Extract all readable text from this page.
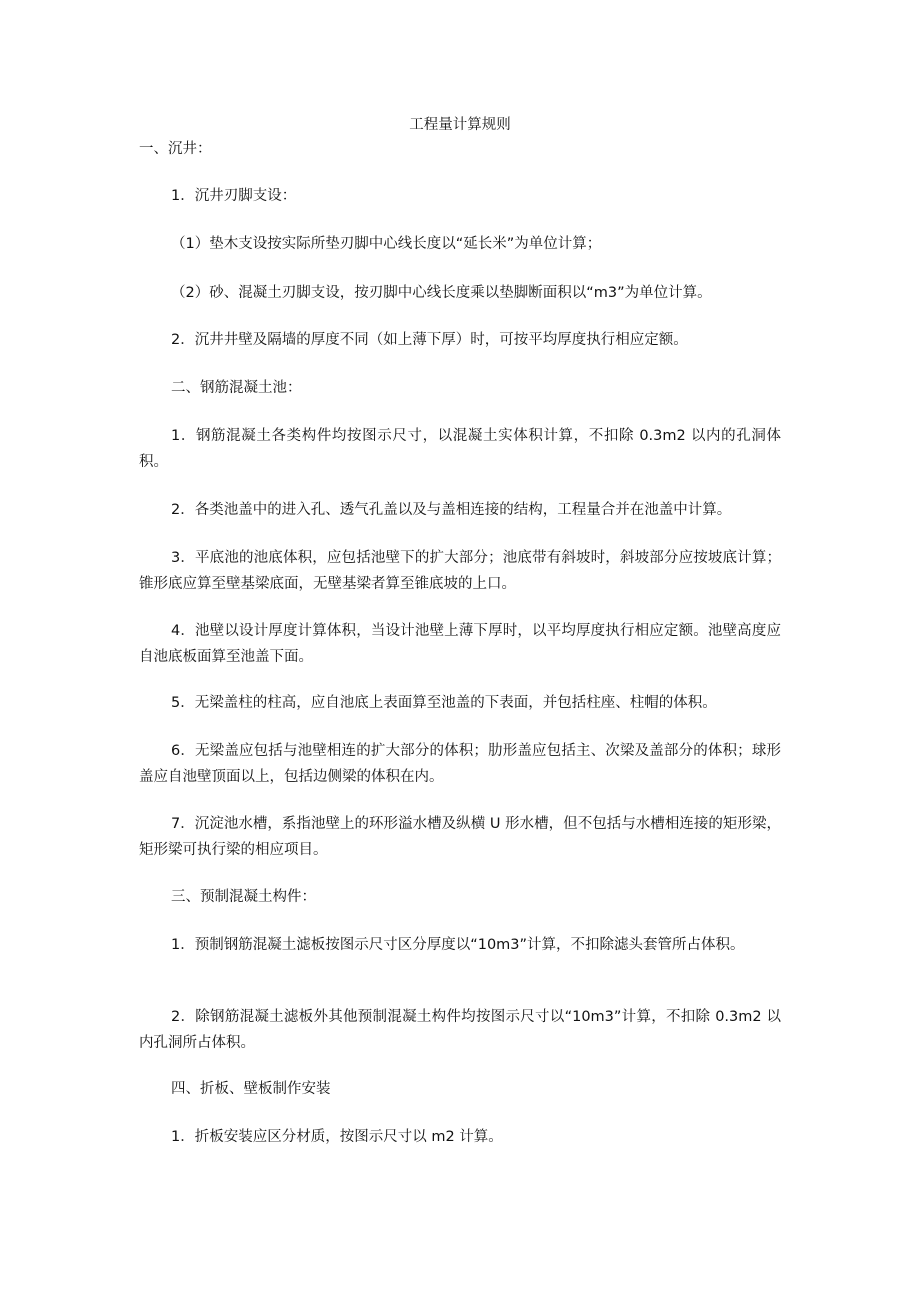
工程量计算规则

一、沉井：

1．沉井刃脚支设：

（1）垫木支设按实际所垫刃脚中心线长度以“延长米”为单位计算；

（2）砂、混凝土刃脚支设，按刃脚中心线长度乘以垫脚断面积以“m3”为单位计算。

2．沉井井壁及隔墙的厚度不同（如上薄下厚）时，可按平均厚度执行相应定额。

二、钢筋混凝土池：

1．钢筋混凝土各类构件均按图示尺寸，以混凝土实体积计算，不扣除 0.3m2 以内的孔洞体积。

2．各类池盖中的进入孔、透气孔盖以及与盖相连接的结构，工程量合并在池盖中计算。

3．平底池的池底体积，应包括池壁下的扩大部分；池底带有斜坡时，斜坡部分应按坡底计算；锥形底应算至壁基梁底面，无壁基梁者算至锥底坡的上口。

4．池壁以设计厚度计算体积，当设计池壁上薄下厚时，以平均厚度执行相应定额。池壁高度应自池底板面算至池盖下面。

5．无梁盖柱的柱高，应自池底上表面算至池盖的下表面，并包括柱座、柱帽的体积。

6．无梁盖应包括与池壁相连的扩大部分的体积；肋形盖应包括主、次梁及盖部分的体积；球形盖应自池壁顶面以上，包括边侧梁的体积在内。

7．沉淀池水槽，系指池壁上的环形溢水槽及纵横 U 形水槽，但不包括与水槽相连接的矩形梁，矩形梁可执行梁的相应项目。

三、预制混凝土构件：

1．预制钢筋混凝土滤板按图示尺寸区分厚度以“10m3”计算，不扣除滤头套管所占体积。

2．除钢筋混凝土滤板外其他预制混凝土构件均按图示尺寸以“10m3”计算，不扣除 0.3m2 以内孔洞所占体积。

四、折板、壁板制作安装

1．折板安装应区分材质，按图示尺寸以 m2 计算。
